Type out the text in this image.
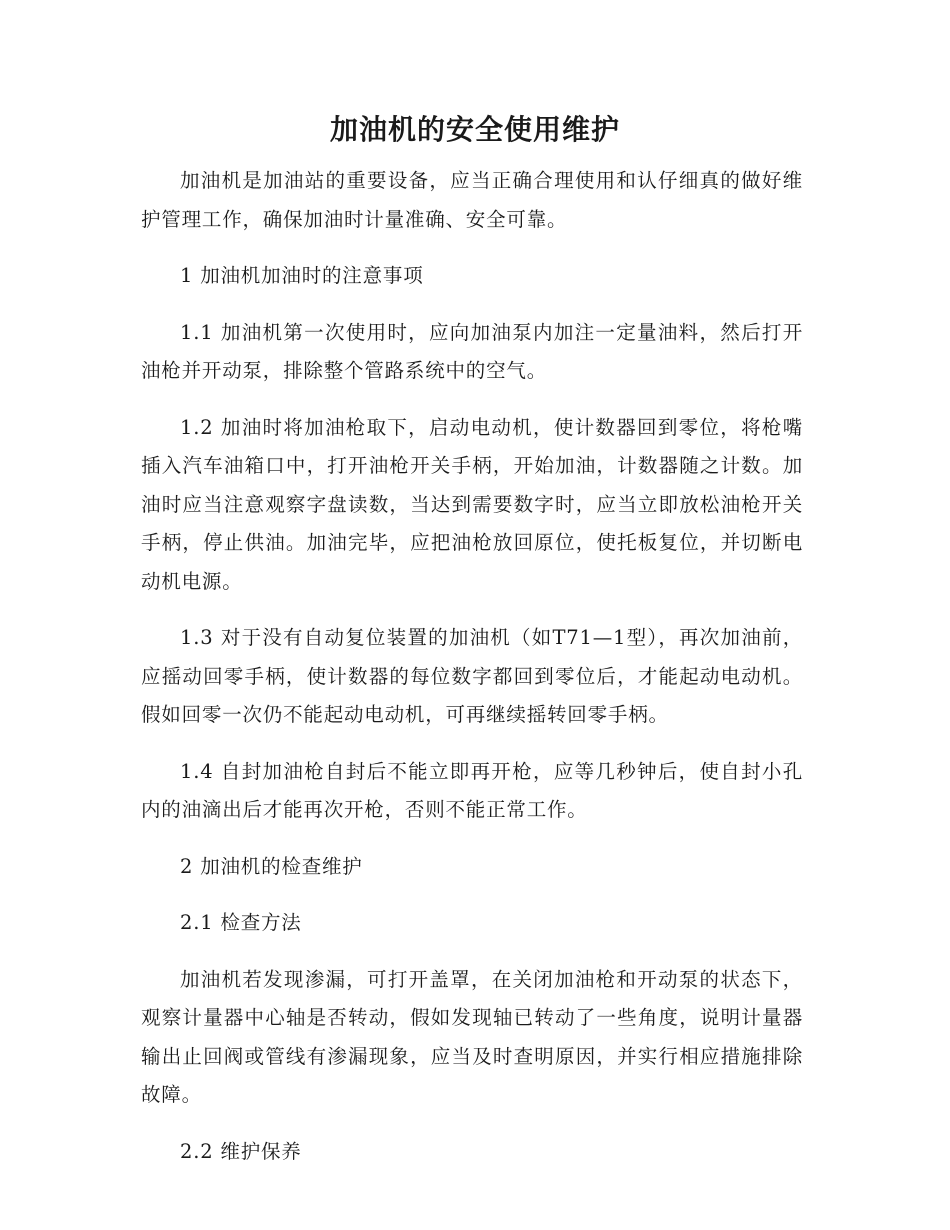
加油机的安全使用维护

加油机是加油站的重要设备，应当正确合理使用和认仔细真的做好维护管理工作，确保加油时计量准确、安全可靠。

1 加油机加油时的注意事项

1.1 加油机第一次使用时，应向加油泵内加注一定量油料，然后打开油枪并开动泵，排除整个管路系统中的空气。

1.2 加油时将加油枪取下，启动电动机，使计数器回到零位，将枪嘴插入汽车油箱口中，打开油枪开关手柄，开始加油，计数器随之计数。加油时应当注意观察字盘读数，当达到需要数字时，应当立即放松油枪开关手柄，停止供油。加油完毕，应把油枪放回原位，使托板复位，并切断电动机电源。

1.3 对于没有自动复位装置的加油机（如T71—1型），再次加油前，应摇动回零手柄，使计数器的每位数字都回到零位后，才能起动电动机。假如回零一次仍不能起动电动机，可再继续摇转回零手柄。

1.4 自封加油枪自封后不能立即再开枪，应等几秒钟后，使自封小孔内的油滴出后才能再次开枪，否则不能正常工作。

2 加油机的检查维护

2.1 检查方法

加油机若发现渗漏，可打开盖罩，在关闭加油枪和开动泵的状态下，观察计量器中心轴是否转动，假如发现轴已转动了一些角度，说明计量器输出止回阀或管线有渗漏现象，应当及时查明原因，并实行相应措施排除故障。

2.2 维护保养
